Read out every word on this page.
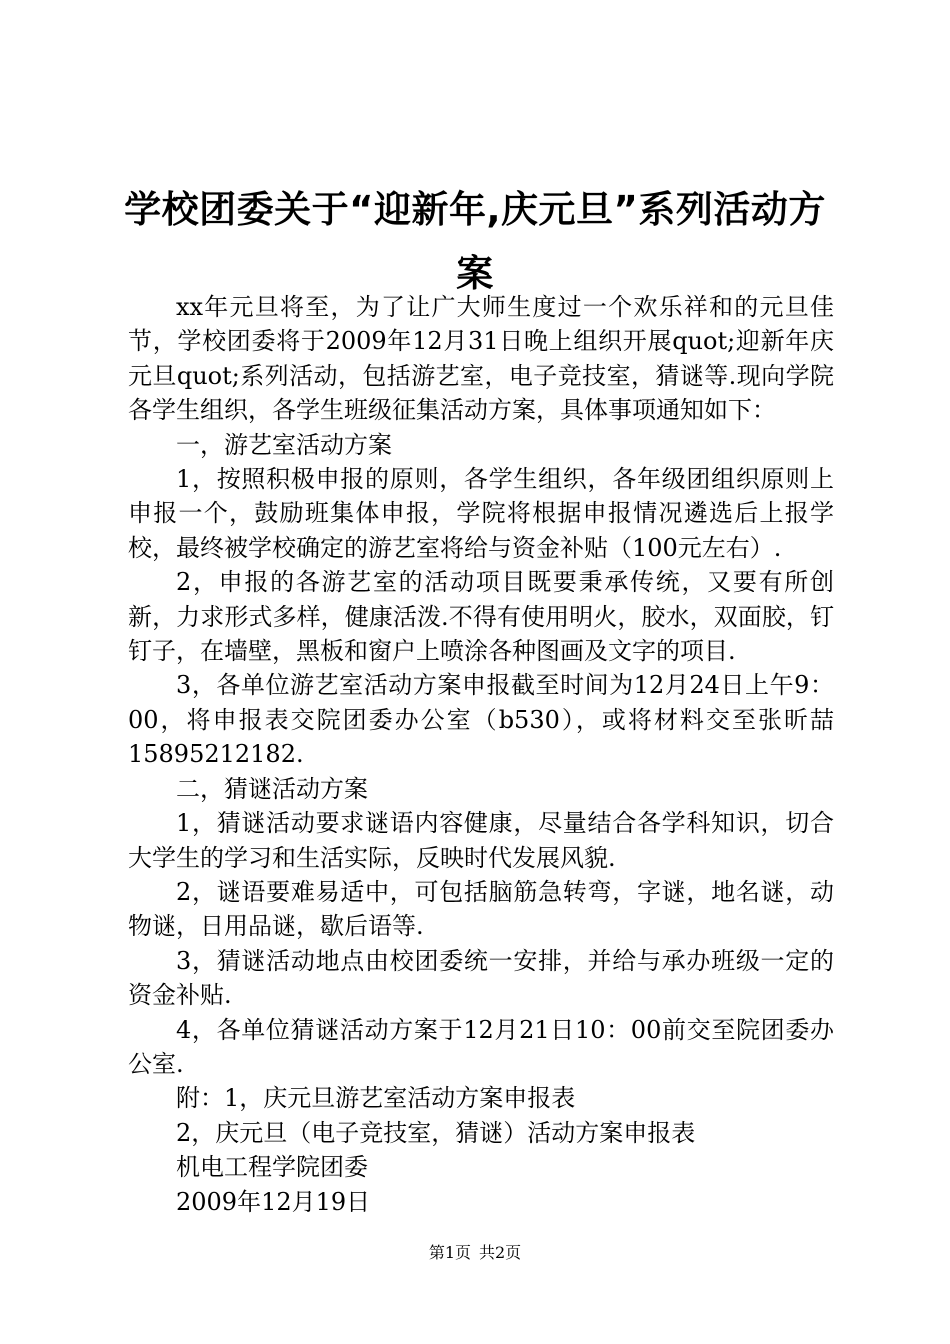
学校团委关于“迎新年,庆元旦”系列活动方案

xx年元旦将至，为了让广大师生度过一个欢乐祥和的元旦佳节，学校团委将于2009年12月31日晚上组织开展quot;迎新年庆元旦quot;系列活动，包括游艺室，电子竞技室，猜谜等.现向学院各学生组织，各学生班级征集活动方案，具体事项通知如下：

一，游艺室活动方案

1，按照积极申报的原则，各学生组织，各年级团组织原则上申报一个，鼓励班集体申报，学院将根据申报情况遴选后上报学校，最终被学校确定的游艺室将给与资金补贴（100元左右）.

2，申报的各游艺室的活动项目既要秉承传统，又要有所创新，力求形式多样，健康活泼.不得有使用明火，胶水，双面胶，钉钉子，在墙壁，黑板和窗户上喷涂各种图画及文字的项目.

3，各单位游艺室活动方案申报截至时间为12月24日上午9：00，将申报表交院团委办公室（b530），或将材料交至张昕喆15895212182.

二，猜谜活动方案

1，猜谜活动要求谜语内容健康，尽量结合各学科知识，切合大学生的学习和生活实际，反映时代发展风貌.

2，谜语要难易适中，可包括脑筋急转弯，字谜，地名谜，动物谜，日用品谜，歇后语等.

3，猜谜活动地点由校团委统一安排，并给与承办班级一定的资金补贴.

4，各单位猜谜活动方案于12月21日10：00前交至院团委办公室.

附：1，庆元旦游艺室活动方案申报表

2，庆元旦（电子竞技室，猜谜）活动方案申报表

机电工程学院团委

2009年12月19日

第1页 共2页
